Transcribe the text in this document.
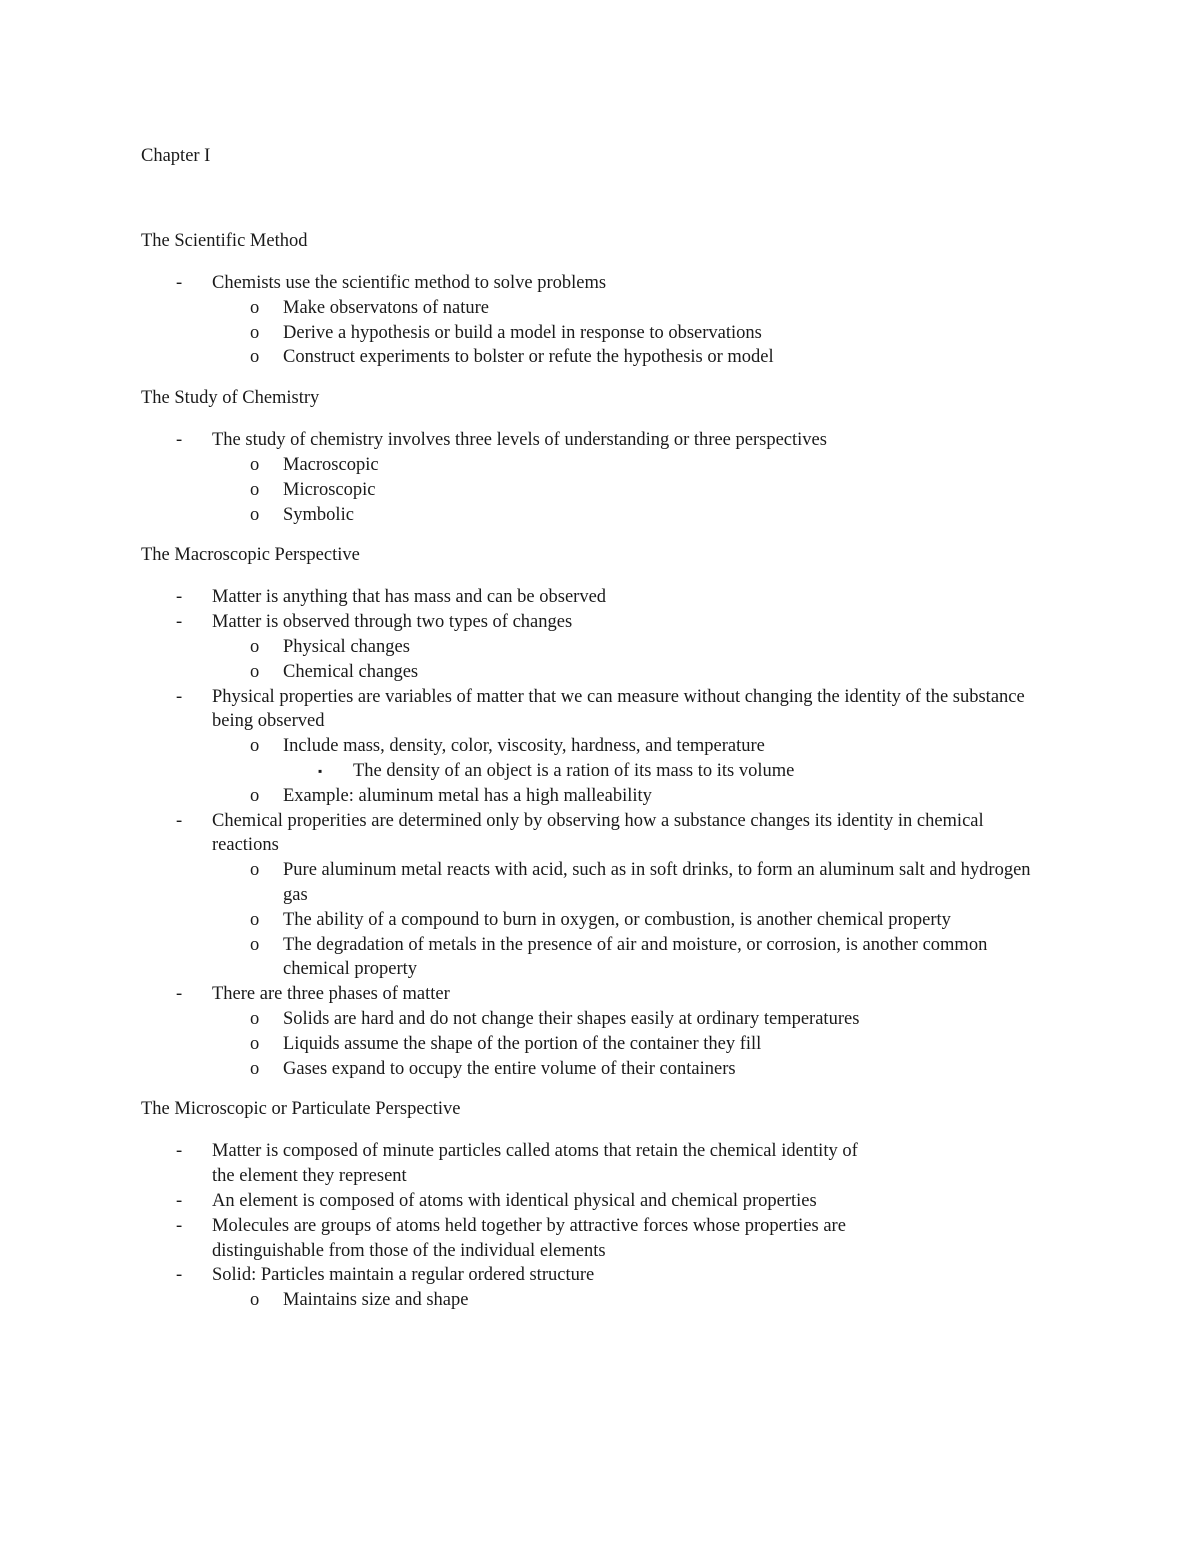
Chapter I
The Scientific Method
- Chemists use the scientific method to solve problems
o Make observatons of nature
o Derive a hypothesis or build a model in response to observations
o Construct experiments to bolster or refute the hypothesis or model
The Study of Chemistry
- The study of chemistry involves three levels of understanding or three perspectives
o Macroscopic
o Microscopic
o Symbolic
The Macroscopic Perspective
- Matter is anything that has mass and can be observed
- Matter is observed through two types of changes
o Physical changes
o Chemical changes
- Physical properties are variables of matter that we can measure without changing the identity of the substance being observed
o Include mass, density, color, viscosity, hardness, and temperature
▪ The density of an object is a ration of its mass to its volume
o Example: aluminum metal has a high malleability
- Chemical properities are determined only by observing how a substance changes its identity in chemical reactions
o Pure aluminum metal reacts with acid, such as in soft drinks, to form an aluminum salt and hydrogen gas
o The ability of a compound to burn in oxygen, or combustion, is another chemical property
o The degradation of metals in the presence of air and moisture, or corrosion, is another common chemical property
- There are three phases of matter
o Solids are hard and do not change their shapes easily at ordinary temperatures
o Liquids assume the shape of the portion of the container they fill
o Gases expand to occupy the entire volume of their containers
The Microscopic or Particulate Perspective
- Matter is composed of minute particles called atoms that retain the chemical identity of the element they represent
- An element is composed of atoms with identical physical and chemical properties
- Molecules are groups of atoms held together by attractive forces whose properties are distinguishable from those of the individual elements
- Solid: Particles maintain a regular ordered structure
o Maintains size and shape
